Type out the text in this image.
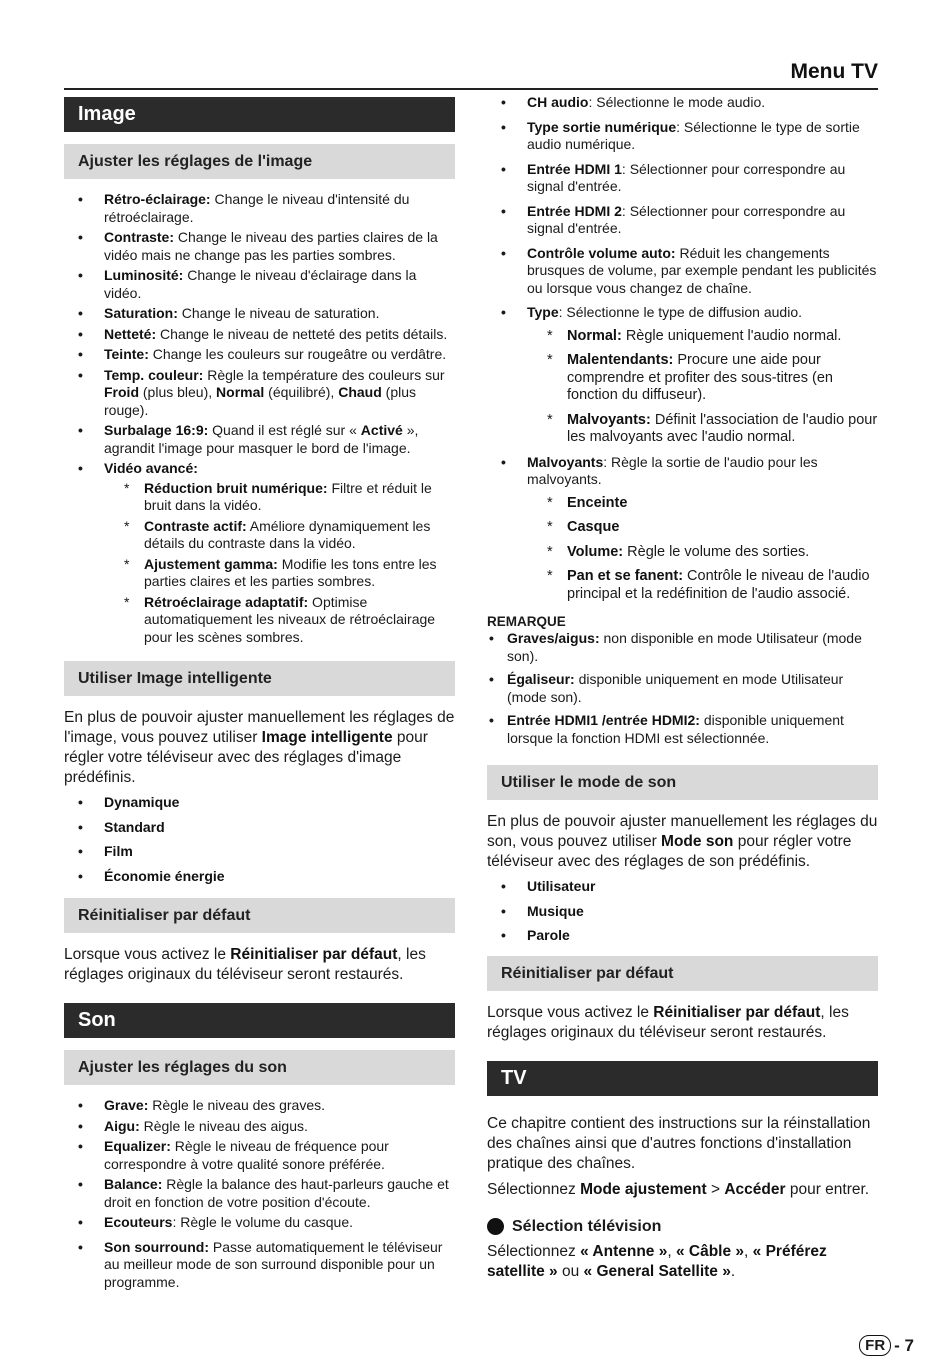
Menu TV
Image
Ajuster les réglages de l'image
• Rétro-éclairage: Change le niveau d'intensité du rétroéclairage.
• Contraste: Change le niveau des parties claires de la vidéo mais ne change pas les parties sombres.
• Luminosité: Change le niveau d'éclairage dans la vidéo.
• Saturation: Change le niveau de saturation.
• Netteté: Change le niveau de netteté des petits détails.
• Teinte: Change les couleurs sur rougeâtre ou verdâtre.
• Temp. couleur: Règle la température des couleurs sur Froid (plus bleu), Normal (équilibré), Chaud (plus rouge).
• Surbalage 16:9: Quand il est réglé sur « Activé », agrandit l'image pour masquer le bord de l'image.
• Vidéo avancé:
* Réduction bruit numérique: Filtre et réduit le bruit dans la vidéo.
* Contraste actif: Améliore dynamiquement les détails du contraste dans la vidéo.
* Ajustement gamma: Modifie les tons entre les parties claires et les parties sombres.
* Rétroéclairage adaptatif: Optimise automatiquement les niveaux de rétroéclairage pour les scènes sombres.
Utiliser Image intelligente

En plus de pouvoir ajuster manuellement les réglages de l'image, vous pouvez utiliser Image intelligente pour régler votre téléviseur avec des réglages d'image prédéfinis.

• Dynamique
• Standard
• Film
• Économie énergie
Réinitialiser par défaut

Lorsque vous activez le Réinitialiser par défaut, les réglages originaux du téléviseur seront restaurés.

Son
Ajuster les réglages du son
• Grave: Règle le niveau des graves.
• Aigu: Règle le niveau des aigus.
• Equalizer: Règle le niveau de fréquence pour correspondre à votre qualité sonore préférée.
• Balance: Règle la balance des haut-parleurs gauche et droit en fonction de votre position d'écoute.
• Ecouteurs: Règle le volume du casque.
• Son sourround: Passe automatiquement le téléviseur au meilleur mode de son surround disponible pour un programme.
• CH audio: Sélectionne le mode audio.
• Type sortie numérique: Sélectionne le type de sortie audio numérique.
• Entrée HDMI 1: Sélectionner pour correspondre au signal d'entrée.
• Entrée HDMI 2: Sélectionner pour correspondre au signal d'entrée.
• Contrôle volume auto: Réduit les changements brusques de volume, par exemple pendant les publicités ou lorsque vous changez de chaîne.
• Type: Sélectionne le type de diffusion audio.
* Normal: Règle uniquement l'audio normal.
* Malentendants: Procure une aide pour comprendre et profiter des sous-titres (en fonction du diffuseur).
* Malvoyants: Définit l'association de l'audio pour les malvoyants avec l'audio normal.
• Malvoyants: Règle la sortie de l'audio pour les malvoyants.
* Enceinte
* Casque
* Volume: Règle le volume des sorties.
* Pan et se fanent: Contrôle le niveau de l'audio principal et la redéfinition de l'audio associé.
REMARQUE
• Graves/aigus: non disponible en mode Utilisateur (mode son).
• Égaliseur: disponible uniquement en mode Utilisateur (mode son).
• Entrée HDMI1 /entrée HDMI2: disponible uniquement lorsque la fonction HDMI est sélectionnée.
Utiliser le mode de son

En plus de pouvoir ajuster manuellement les réglages du son, vous pouvez utiliser Mode son pour régler votre téléviseur avec des réglages de son prédéfinis.

• Utilisateur
• Musique
• Parole
Réinitialiser par défaut

Lorsque vous activez le Réinitialiser par défaut, les réglages originaux du téléviseur seront restaurés.

TV

Ce chapitre contient des instructions sur la réinstallation des chaînes ainsi que d'autres fonctions d'installation pratique des chaînes.

Sélectionnez Mode ajustement > Accéder pour entrer.

Sélection télévision

Sélectionnez « Antenne », « Câble », « Préférez satellite » ou « General Satellite ».

FR - 7
